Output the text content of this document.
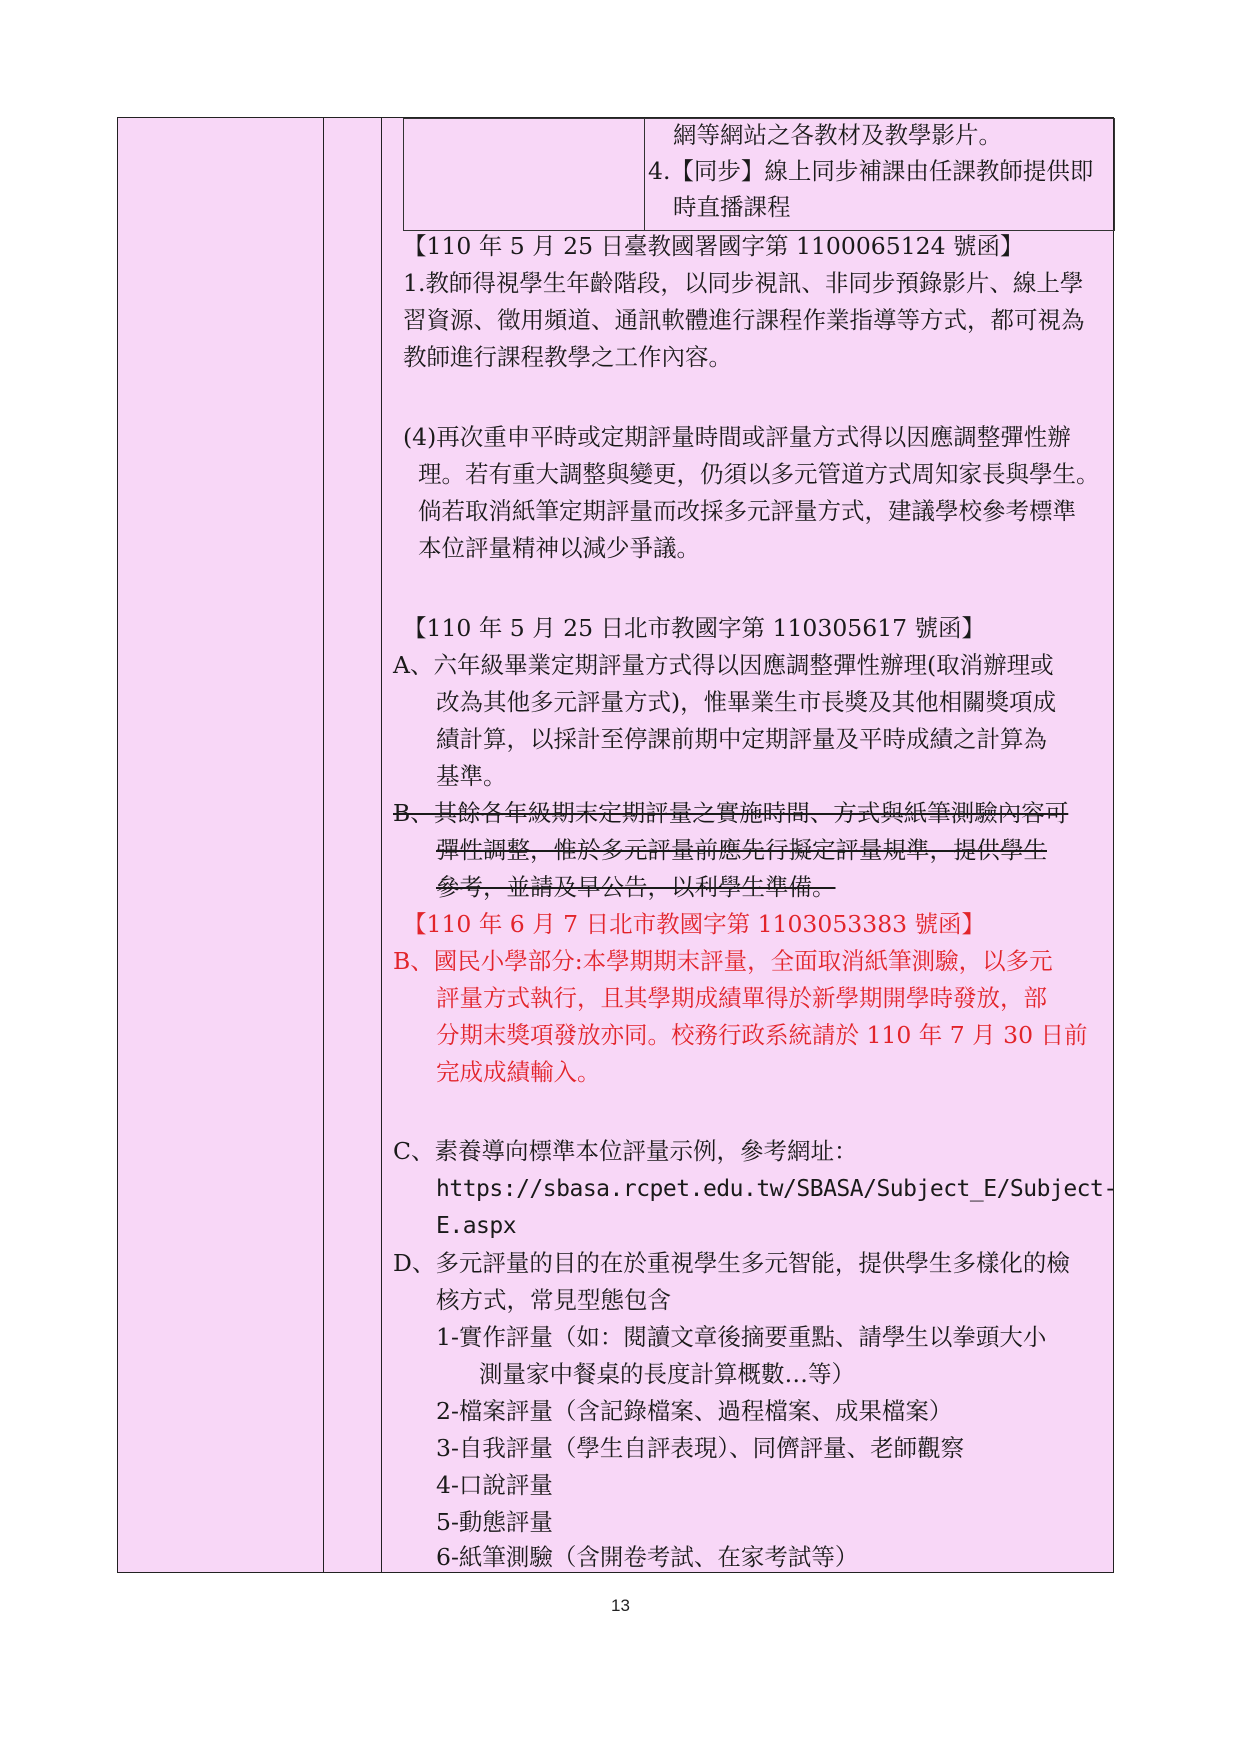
網等網站之各教材及教學影片。
4.【同步】線上同步補課由任課教師提供即
時直播課程
【110 年 5 月 25 日臺教國署國字第 1100065124 號函】
1.教師得視學生年齡階段，以同步視訊、非同步預錄影片、線上學
習資源、徵用頻道、通訊軟體進行課程作業指導等方式，都可視為
教師進行課程教學之工作內容。
(4)再次重申平時或定期評量時間或評量方式得以因應調整彈性辦
理。若有重大調整與變更，仍須以多元管道方式周知家長與學生。
倘若取消紙筆定期評量而改採多元評量方式，建議學校參考標準
本位評量精神以減少爭議。
【110 年 5 月 25 日北市教國字第 110305617 號函】
A、六年級畢業定期評量方式得以因應調整彈性辦理(取消辦理或
改為其他多元評量方式)，惟畢業生市長獎及其他相關獎項成
績計算，以採計至停課前期中定期評量及平時成績之計算為
基準。
B、其餘各年級期末定期評量之實施時間、方式與紙筆測驗內容可
彈性調整，惟於多元評量前應先行擬定評量規準，提供學生
參考，並請及早公告，以利學生準備。
【110 年 6 月 7 日北市教國字第 1103053383 號函】
B、國民小學部分:本學期期末評量，全面取消紙筆測驗，以多元
評量方式執行，且其學期成績單得於新學期開學時發放，部
分期末獎項發放亦同。校務行政系統請於 110 年 7 月 30 日前
完成成績輸入。
C、素養導向標準本位評量示例，參考網址：
https://sbasa.rcpet.edu.tw/SBASA/Subject_E/Subject-
E.aspx
D、多元評量的目的在於重視學生多元智能，提供學生多樣化的檢
核方式，常見型態包含
1-實作評量（如：閱讀文章後摘要重點、請學生以拳頭大小
測量家中餐桌的長度計算概數…等）
2-檔案評量（含記錄檔案、過程檔案、成果檔案）
3-自我評量（學生自評表現）、同儕評量、老師觀察
4-口說評量
5-動態評量
6-紙筆測驗（含開卷考試、在家考試等）
13
